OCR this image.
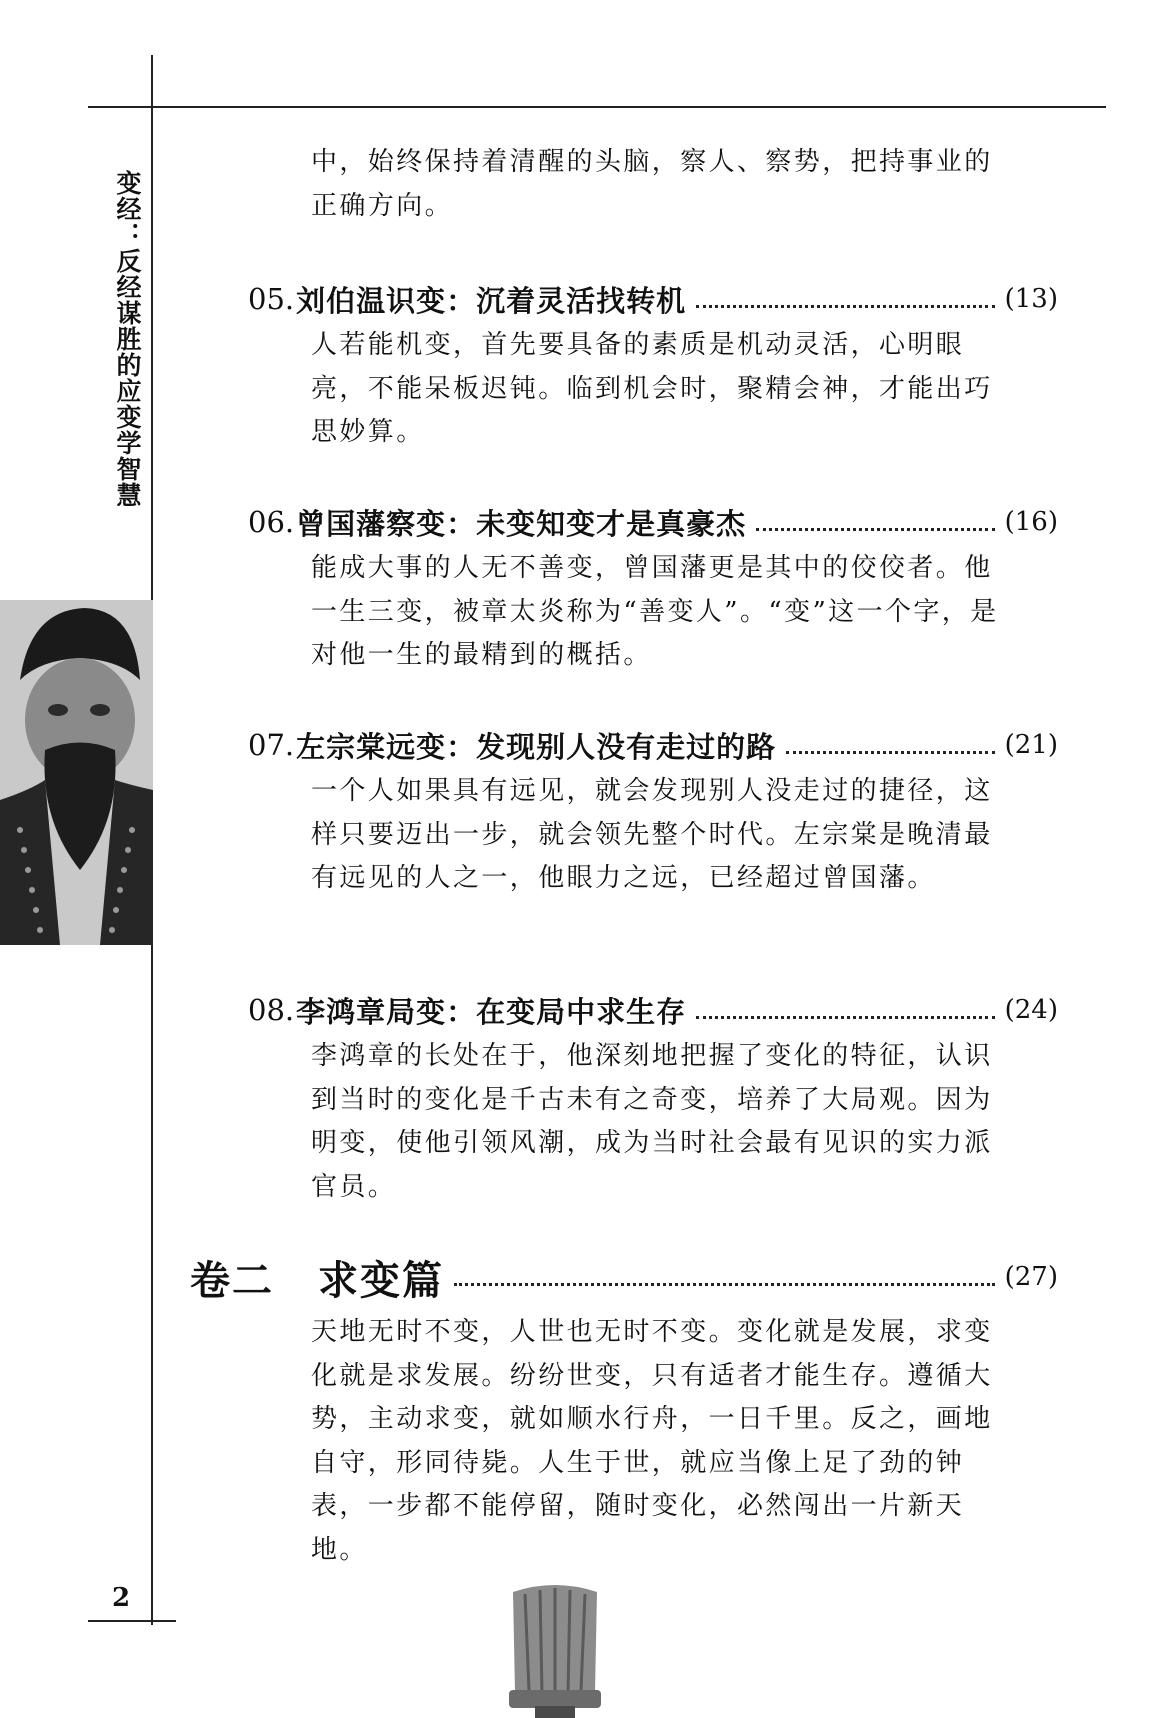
变经：反经谋胜的应变学智慧
2
中，始终保持着清醒的头脑，察人、察势，把持事业的正确方向。
05. 刘伯温识变：沉着灵活找转机	(13)
人若能机变，首先要具备的素质是机动灵活，心明眼亮，不能呆板迟钝。临到机会时，聚精会神，才能出巧思妙算。
06. 曾国藩察变：未变知变才是真豪杰	(16)
能成大事的人无不善变，曾国藩更是其中的佼佼者。他一生三变，被章太炎称为“善变人”。“变”这一个字，是对他一生的最精到的概括。
07. 左宗棠远变：发现别人没有走过的路	(21)
一个人如果具有远见，就会发现别人没走过的捷径，这样只要迈出一步，就会领先整个时代。左宗棠是晚清最有远见的人之一，他眼力之远，已经超过曾国藩。
08. 李鸿章局变：在变局中求生存	(24)
李鸿章的长处在于，他深刻地把握了变化的特征，认识到当时的变化是千古未有之奇变，培养了大局观。因为明变，使他引领风潮，成为当时社会最有见识的实力派官员。
卷二 求变篇	(27)
天地无时不变，人世也无时不变。变化就是发展，求变化就是求发展。纷纷世变，只有适者才能生存。遵循大势，主动求变，就如顺水行舟，一日千里。反之，画地自守，形同待毙。人生于世，就应当像上足了劲的钟表，一步都不能停留，随时变化，必然闯出一片新天地。
